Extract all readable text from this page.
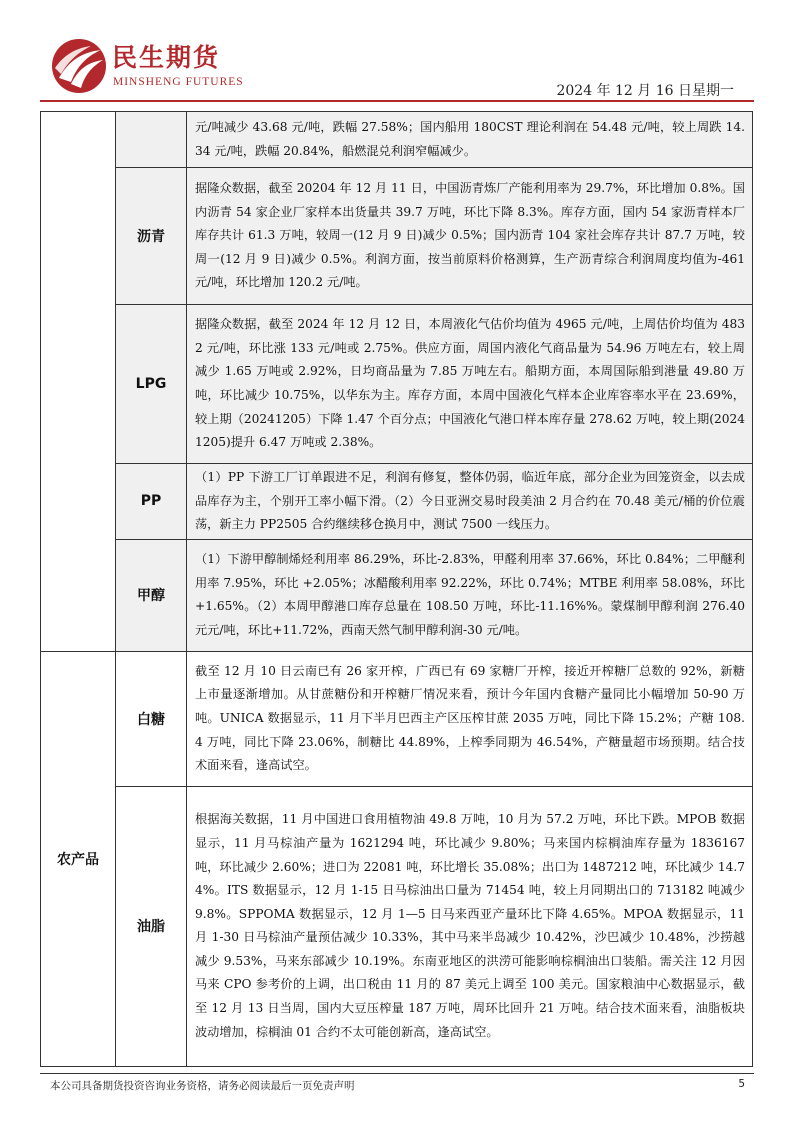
民生期货
MINSHENG FUTURES
2024 年 12 月 16 日星期一
		元/吨减少 43.68 元/吨，跌幅 27.58%；国内船用 180CST 理论利润在 54.48 元/吨，较上周跌 14.34 元/吨，跌幅 20.84%，船燃混兑利润窄幅减少。
	沥青	据隆众数据，截至 20204 年 12 月 11 日，中国沥青炼厂产能利用率为 29.7%，环比增加 0.8%。国内沥青 54 家企业厂家样本出货量共 39.7 万吨，环比下降 8.3%。库存方面，国内 54 家沥青样本厂库存共计 61.3 万吨，较周一(12 月 9 日)减少 0.5%；国内沥青 104 家社会库存共计 87.7 万吨，较周一(12 月 9 日)减少 0.5%。利润方面，按当前原料价格测算，生产沥青综合利润周度均值为-461 元/吨，环比增加 120.2 元/吨。
	LPG	据隆众数据，截至 2024 年 12 月 12 日，本周液化气估价均值为 4965 元/吨，上周估价均值为 4832 元/吨，环比涨 133 元/吨或 2.75%。供应方面，周国内液化气商品量为 54.96 万吨左右，较上周减少 1.65 万吨或 2.92%，日均商品量为 7.85 万吨左右。船期方面，本周国际船到港量 49.80 万吨，环比减少 10.75%，以华东为主。库存方面，本周中国液化气样本企业库容率水平在 23.69%，较上期（20241205）下降 1.47 个百分点；中国液化气港口样本库存量 278.62 万吨，较上期(20241205)提升 6.47 万吨或 2.38%。
	PP	（1）PP 下游工厂订单跟进不足，利润有修复，整体仍弱，临近年底，部分企业为回笼资金，以去成品库存为主，个别开工率小幅下滑。（2）今日亚洲交易时段美油 2 月合约在 70.48 美元/桶的价位震荡，新主力 PP2505 合约继续移仓换月中，测试 7500 一线压力。
	甲醇	（1）下游甲醇制烯烃利用率 86.29%，环比-2.83%，甲醛利用率 37.66%，环比 0.84%；二甲醚利用率 7.95%，环比 +2.05%；冰醋酸利用率 92.22%，环比 0.74%；MTBE 利用率 58.08%，环比+1.65%。（2）本周甲醇港口库存总量在 108.50 万吨，环比-11.16%%。蒙煤制甲醇利润 276.40 元元/吨，环比+11.72%，西南天然气制甲醇利润-30 元/吨。
农产品	白糖	截至 12 月 10 日云南已有 26 家开榨，广西已有 69 家糖厂开榨，接近开榨糖厂总数的 92%，新糖上市量逐渐增加。从甘蔗糖份和开榨糖厂情况来看，预计今年国内食糖产量同比小幅增加 50-90 万吨。UNICA 数据显示，11 月下半月巴西主产区压榨甘蔗 2035 万吨，同比下降 15.2%；产糖 108.4 万吨，同比下降 23.06%，制糖比 44.89%，上榨季同期为 46.54%，产糖量超市场预期。结合技术面来看，逢高试空。
	油脂	根据海关数据，11 月中国进口食用植物油 49.8 万吨，10 月为 57.2 万吨，环比下跌。MPOB 数据显示，11 月马棕油产量为 1621294 吨，环比减少 9.80%；马来国内棕榈油库存量为 1836167 吨，环比减少 2.60%；进口为 22081 吨，环比增长 35.08%；出口为 1487212 吨，环比减少 14.74%。ITS 数据显示，12 月 1-15 日马棕油出口量为 71454 吨，较上月同期出口的 713182 吨减少 9.8%。SPPOMA 数据显示，12 月 1—5 日马来西亚产量环比下降 4.65%。MPOA 数据显示，11 月 1-30 日马棕油产量预估减少 10.33%，其中马来半岛减少 10.42%，沙巴减少 10.48%，沙捞越减少 9.53%，马来东部减少 10.19%。东南亚地区的洪涝可能影响棕榈油出口装船。需关注 12 月因马来 CPO 参考价的上调，出口税由 11 月的 87 美元上调至 100 美元。国家粮油中心数据显示，截至 12 月 13 日当周，国内大豆压榨量 187 万吨，周环比回升 21 万吨。结合技术面来看，油脂板块波动增加，棕榈油 01 合约不太可能创新高，逢高试空。
本公司具备期货投资咨询业务资格，请务必阅读最后一页免责声明	5
